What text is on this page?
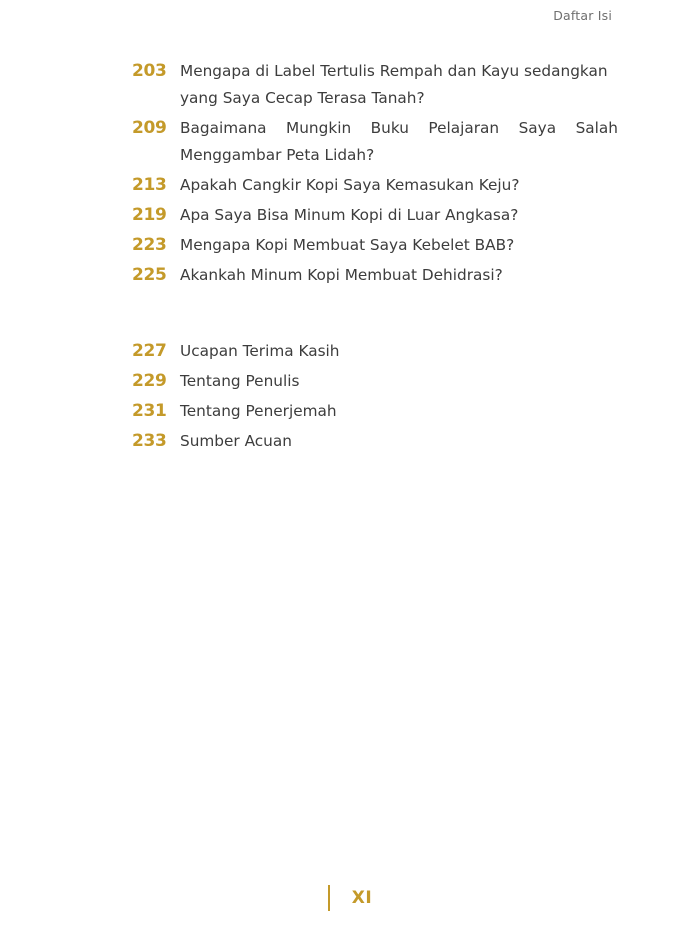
Daftar Isi
203 Mengapa di Label Tertulis Rempah dan Kayu sedangkan
yang Saya Cecap Terasa Tanah?
209 Bagaimana Mungkin Buku Pelajaran Saya Salah
Menggambar Peta Lidah?
213 Apakah Cangkir Kopi Saya Kemasukan Keju?
219 Apa Saya Bisa Minum Kopi di Luar Angkasa?
223 Mengapa Kopi Membuat Saya Kebelet BAB?
225 Akankah Minum Kopi Membuat Dehidrasi?
227 Ucapan Terima Kasih
229 Tentang Penulis
231 Tentang Penerjemah
233 Sumber Acuan
XI
